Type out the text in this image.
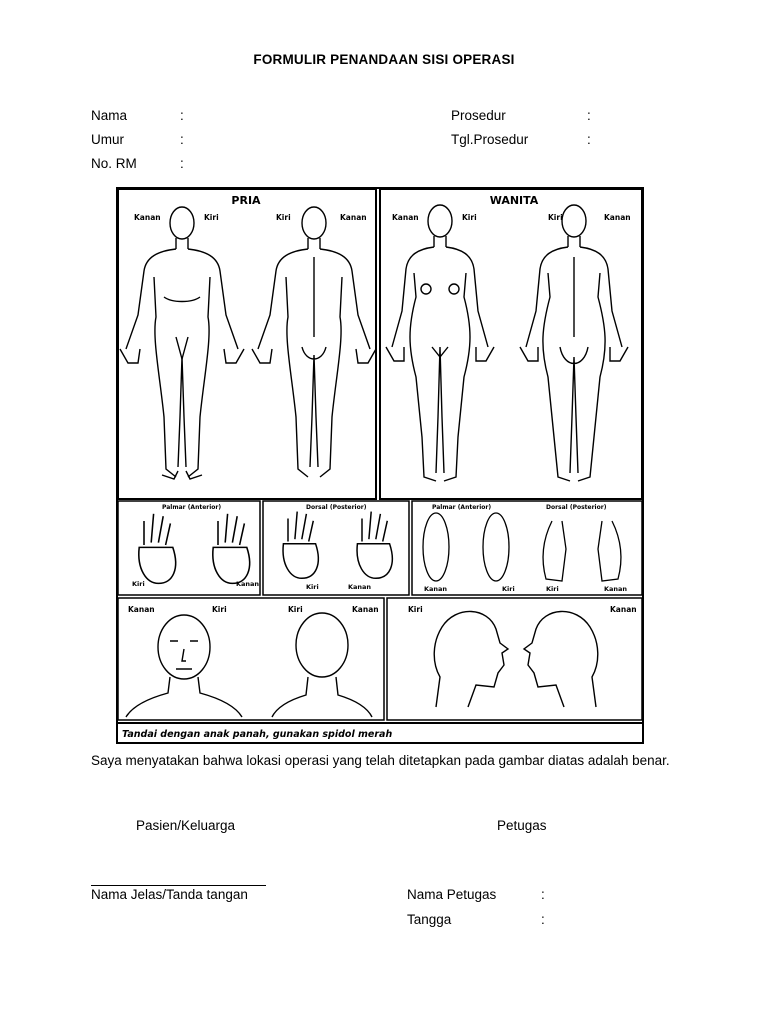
FORMULIR PENANDAAN SISI OPERASI
Nama	:
Umur	:
No. RM	:
Prosedur	:
Tgl.Prosedur	:
PRIA	WANITA
Kanan	Kiri	Kiri	Kanan	Kanan	Kiri	Kiri	Kanan
Palmar (Anterior)
Kiri	Kanan
Dorsal (Posterior)
Kiri	Kanan
Palmar (Anterior)	Dorsal (Posterior)
Kanan	Kiri	Kiri	Kanan
Kanan	Kiri	Kiri	Kanan	Kiri	Kanan
Tandai dengan anak panah, gunakan spidol merah
Saya menyatakan bahwa lokasi operasi yang telah ditetapkan pada gambar diatas adalah benar.
Pasien/Keluarga	Petugas
Nama Jelas/Tanda tangan	Nama Petugas	:
Tangga	:
